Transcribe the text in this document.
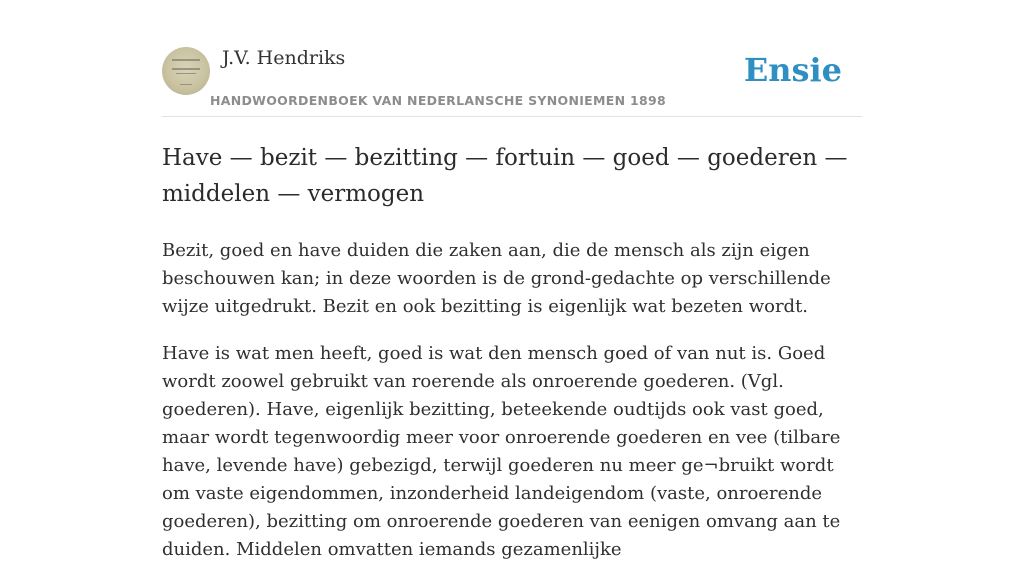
J.V. Hendriks
HANDWOORDENBOEK VAN NEDERLANSCHE SYNONIEMEN 1898
Ensie
Have — bezit — bezitting — fortuin — goed — goederen — middelen — vermogen

Bezit, goed en have duiden die zaken aan, die de mensch als zijn eigen beschouwen kan; in deze woorden is de grond-gedachte op verschillende wijze uitgedrukt. Bezit en ook bezitting is eigenlijk wat bezeten wordt.

Have is wat men heeft, goed is wat den mensch goed of van nut is. Goed wordt zoowel gebruikt van roerende als onroerende goederen. (Vgl. goederen). Have, eigenlijk bezitting, beteekende oudtijds ook vast goed, maar wordt tegenwoordig meer voor onroerende goederen en vee (tilbare have, levende have) gebezigd, terwijl goederen nu meer ge¬bruikt wordt om vaste eigendommen, inzonderheid landeigendom (vaste, onroerende goederen), bezitting om onroerende goederen van eenigen omvang aan te duiden. Middelen omvatten iemands gezamenlijke
